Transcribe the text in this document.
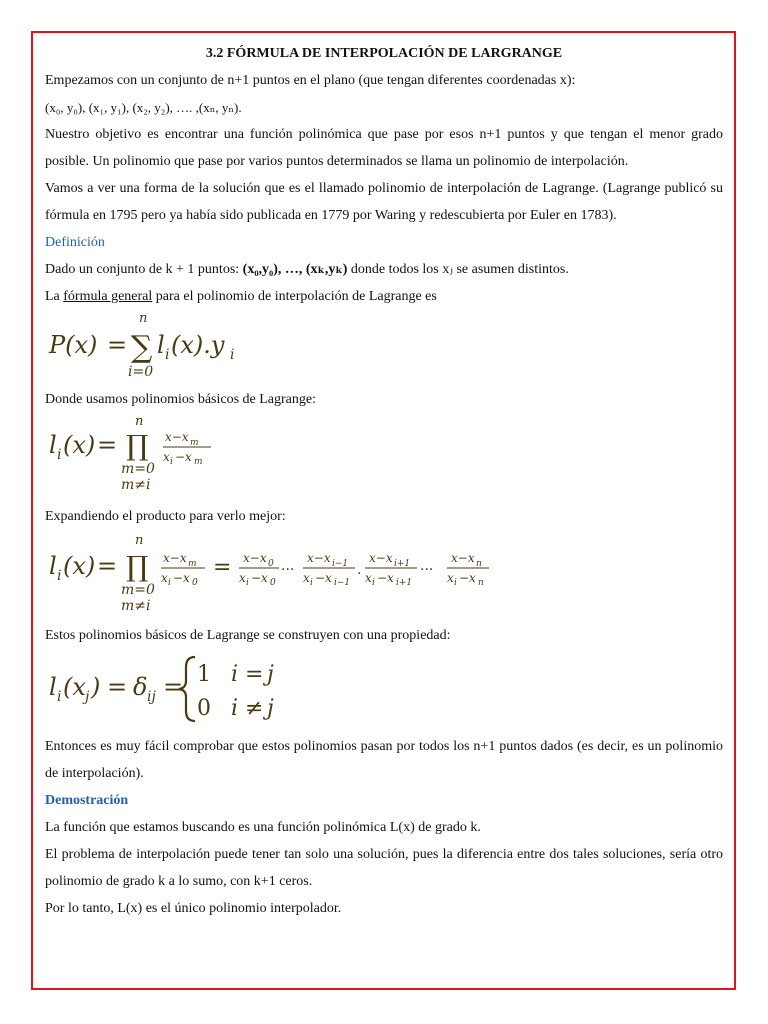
3.2 FÓRMULA DE INTERPOLACIÓN DE LARGRANGE

Empezamos con un conjunto de n+1 puntos en el plano (que tengan diferentes coordenadas x):

(x₀, y₀), (x₁, y₁), (x₂, y₂), …. ,(xₙ, yₙ).

Nuestro objetivo es encontrar una función polinómica que pase por esos n+1 puntos y que tengan el menor grado posible. Un polinomio que pase por varios puntos determinados se llama un polinomio de interpolación.

Vamos a ver una forma de la solución que es el llamado polinomio de interpolación de Lagrange. (Lagrange publicó su fórmula en 1795 pero ya había sido publicada en 1779 por Waring y redescubierta por Euler en 1783).

Definición

Dado un conjunto de k + 1 puntos: (x₀,y₀), …, (xₖ,yₖ) donde todos los xⱼ se asumen distintos.

La fórmula general para el polinomio de interpolación de Lagrange es

P(x) =
n
∑
i=0
l i (x).y i

Donde usamos polinomios básicos de Lagrange:

l i (x) =
n
∏
m=0
m≠i
x−x m
x i −x m

Expandiendo el producto para verlo mejor:

l i (x) =
n
∏
m=0
m≠i
x−x m
x i −x 0
= x−x 0
x i −x 0
···
x−x i−1
x i −x i−1
.
x−x i+1
x i −x i+1
···
x−x n
x i −x n

Estos polinomios básicos de Lagrange se construyen con una propiedad:

l i (x j ) = δ ij = 1 i = j
0 i ≠ j

Entonces es muy fácil comprobar que estos polinomios pasan por todos los n+1 puntos dados (es decir, es un polinomio de interpolación).

Demostración

La función que estamos buscando es una función polinómica L(x) de grado k.

El problema de interpolación puede tener tan solo una solución, pues la diferencia entre dos tales soluciones, sería otro polinomio de grado k a lo sumo, con k+1 ceros.

Por lo tanto, L(x) es el único polinomio interpolador.
